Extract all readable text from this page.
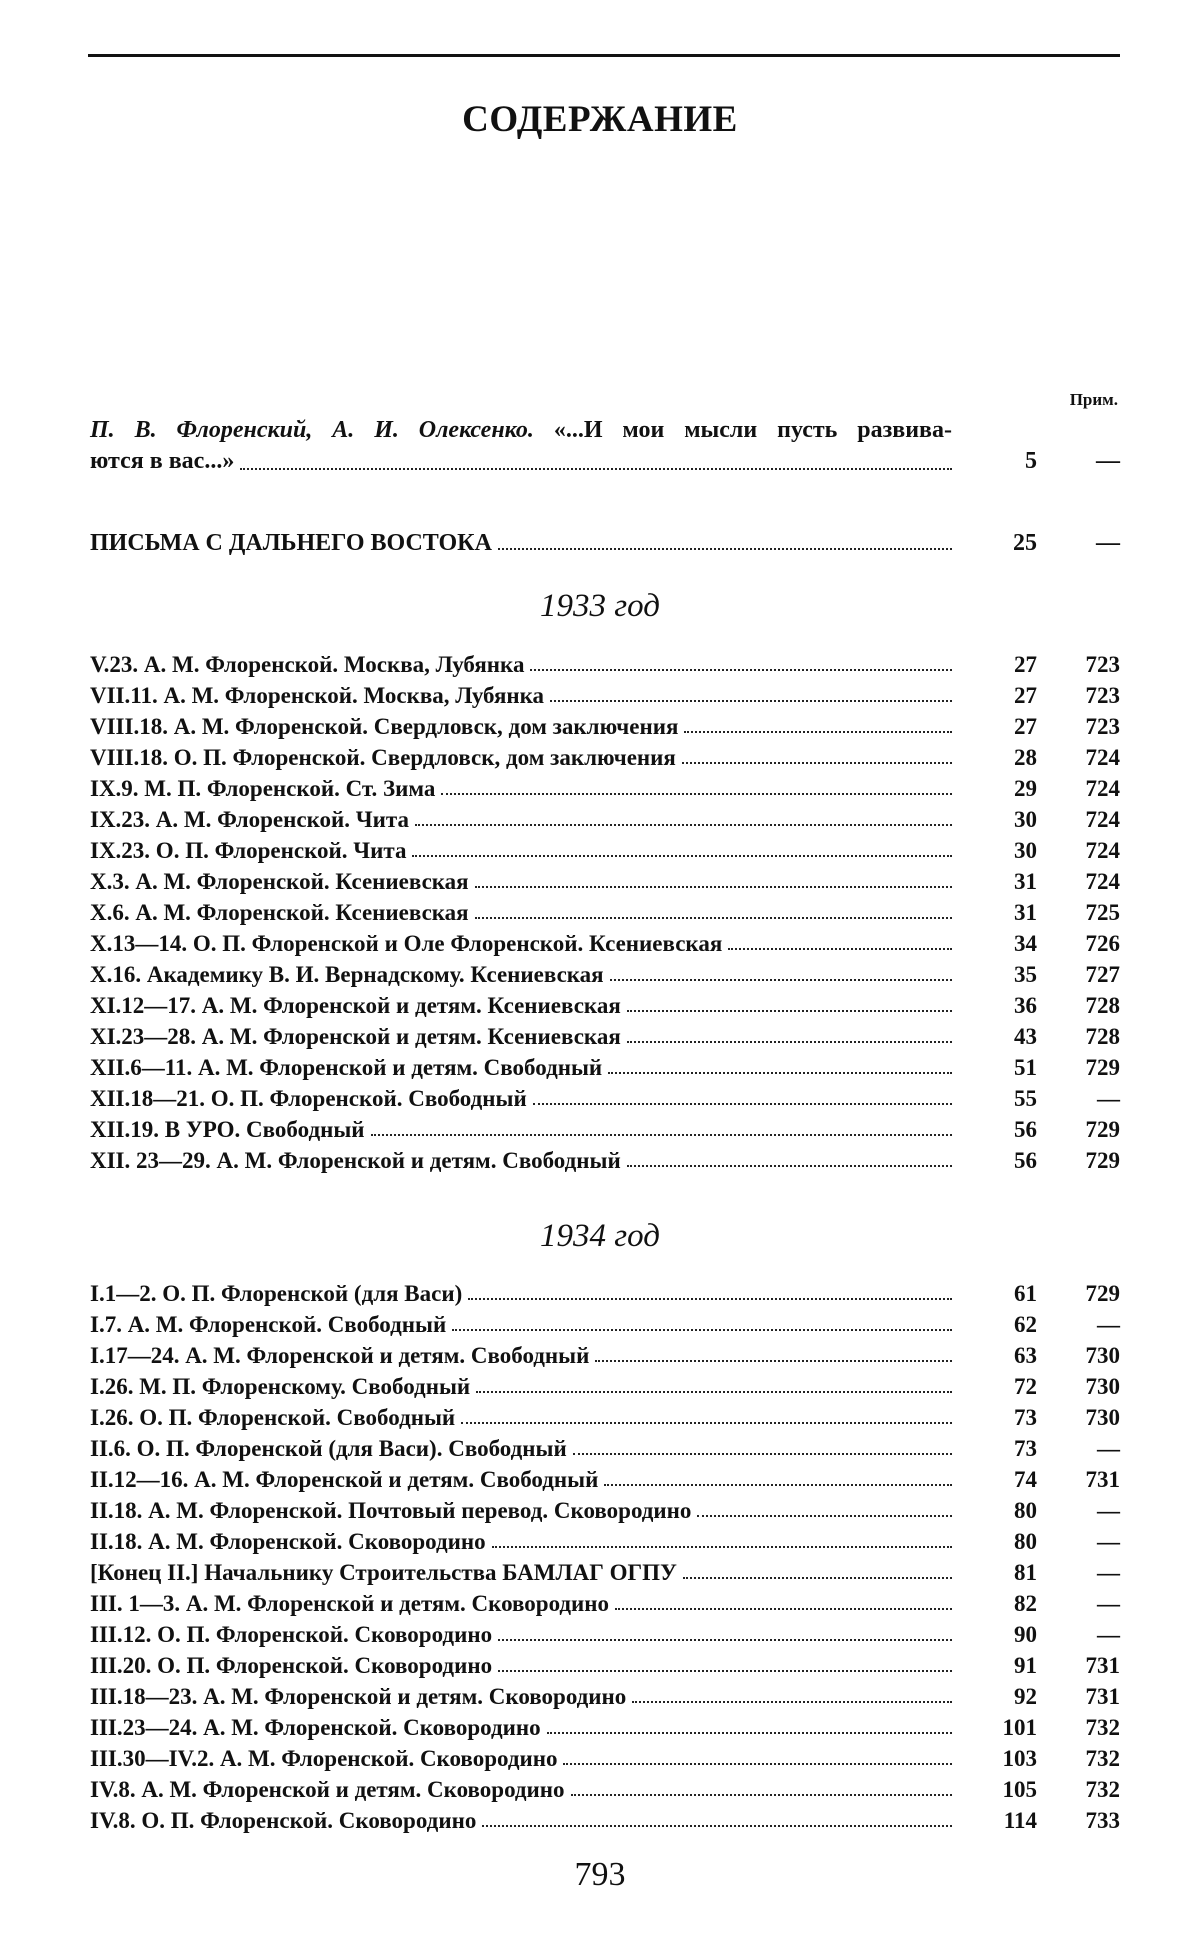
СОДЕРЖАНИЕ
Прим.
П. В. Флоренский, А. И. Олексенко. «...И мои мысли пусть развива-
ются в вас...»	5	—
ПИСЬМА С ДАЛЬНЕГО ВОСТОКА	25	—
1933 год
V.23. А. М. Флоренской. Москва, Лубянка	27	723
VII.11. А. М. Флоренской. Москва, Лубянка	27	723
VIII.18. А. М. Флоренской. Свердловск, дом заключения	27	723
VIII.18. О. П. Флоренской. Свердловск, дом заключения	28	724
IX.9. М. П. Флоренской. Ст. Зима	29	724
IX.23. А. М. Флоренской. Чита	30	724
IX.23. О. П. Флоренской. Чита	30	724
X.3. А. М. Флоренской. Ксениевская	31	724
X.6. А. М. Флоренской. Ксениевская	31	725
X.13—14. О. П. Флоренской и Оле Флоренской. Ксениевская	34	726
X.16. Академику В. И. Вернадскому. Ксениевская	35	727
XI.12—17. А. М. Флоренской и детям. Ксениевская	36	728
XI.23—28. А. М. Флоренской и детям. Ксениевская	43	728
XII.6—11. А. М. Флоренской и детям. Свободный	51	729
XII.18—21. О. П. Флоренской. Свободный	55	—
XII.19. В УРО. Свободный	56	729
XII. 23—29. А. М. Флоренской и детям. Свободный	56	729
1934 год
I.1—2. О. П. Флоренской (для Васи)	61	729
I.7. А. М. Флоренской. Свободный	62	—
I.17—24. А. М. Флоренской и детям. Свободный	63	730
I.26. М. П. Флоренскому. Свободный	72	730
I.26. О. П. Флоренской. Свободный	73	730
II.6. О. П. Флоренской (для Васи). Свободный	73	—
II.12—16. А. М. Флоренской и детям. Свободный	74	731
II.18. А. М. Флоренской. Почтовый перевод. Сковородино	80	—
II.18. А. М. Флоренской. Сковородино	80	—
[Конец II.] Начальнику Строительства БАМЛАГ ОГПУ	81	—
III. 1—3. А. М. Флоренской и детям. Сковородино	82	—
III.12. О. П. Флоренской. Сковородино	90	—
III.20. О. П. Флоренской. Сковородино	91	731
III.18—23. А. М. Флоренской и детям. Сковородино	92	731
III.23—24. А. М. Флоренской. Сковородино	101	732
III.30—IV.2. А. М. Флоренской. Сковородино	103	732
IV.8. А. М. Флоренской и детям. Сковородино	105	732
IV.8. О. П. Флоренской. Сковородино	114	733
793
